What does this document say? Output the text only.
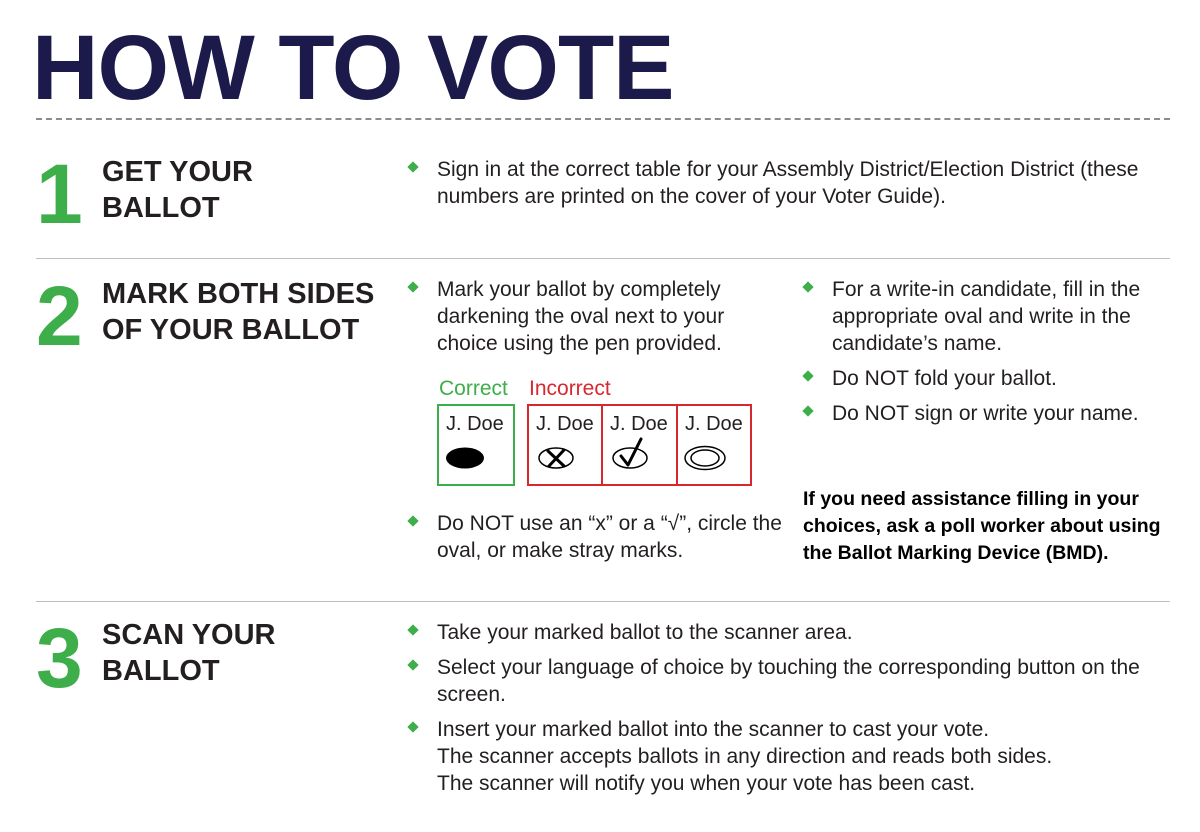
HOW TO VOTE
1 GET YOUR
BALLOT
Sign in at the correct table for your Assembly District/Election District (these numbers are printed on the cover of your Voter Guide).
2 MARK BOTH SIDES
OF YOUR BALLOT
Mark your ballot by completely darkening the oval next to your choice using the pen provided.
Correct Incorrect
J. Doe J. Doe J. Doe J. Doe
Do NOT use an “x” or a “√”, circle the oval, or make stray marks.
For a write-in candidate, fill in the appropriate oval and write in the candidate’s name.
Do NOT fold your ballot.
Do NOT sign or write your name.
If you need assistance filling in your choices, ask a poll worker about using the Ballot Marking Device (BMD).
3 SCAN YOUR
BALLOT
Take your marked ballot to the scanner area.
Select your language of choice by touching the corresponding button on the screen.
Insert your marked ballot into the scanner to cast your vote.
The scanner accepts ballots in any direction and reads both sides.
The scanner will notify you when your vote has been cast.
